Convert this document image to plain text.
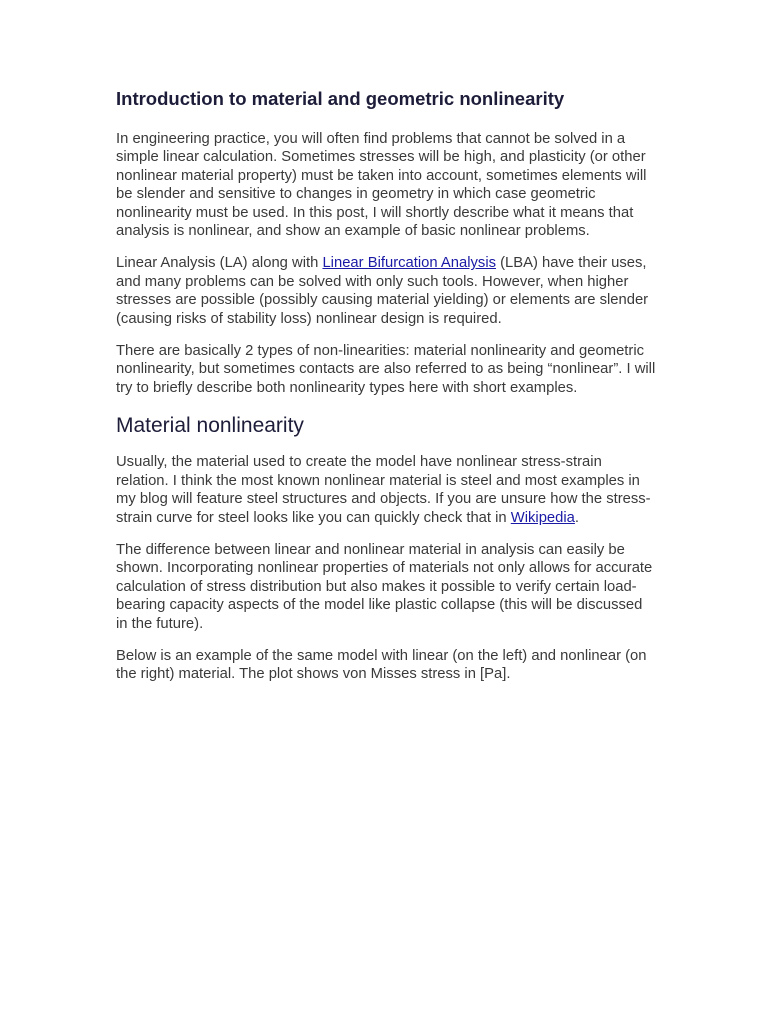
Introduction to material and geometric nonlinearity

In engineering practice, you will often find problems that cannot be solved in a simple linear calculation. Sometimes stresses will be high, and plasticity (or other nonlinear material property) must be taken into account, sometimes elements will be slender and sensitive to changes in geometry in which case geometric nonlinearity must be used. In this post, I will shortly describe what it means that analysis is nonlinear, and show an example of basic nonlinear problems.

Linear Analysis (LA) along with Linear Bifurcation Analysis (LBA) have their uses, and many problems can be solved with only such tools. However, when higher stresses are possible (possibly causing material yielding) or elements are slender (causing risks of stability loss) nonlinear design is required.

There are basically 2 types of non-linearities: material nonlinearity and geometric nonlinearity, but sometimes contacts are also referred to as being “nonlinear”. I will try to briefly describe both nonlinearity types here with short examples.

Material nonlinearity

Usually, the material used to create the model have nonlinear stress-strain relation. I think the most known nonlinear material is steel and most examples in my blog will feature steel structures and objects. If you are unsure how the stress-strain curve for steel looks like you can quickly check that in Wikipedia.

The difference between linear and nonlinear material in analysis can easily be shown. Incorporating nonlinear properties of materials not only allows for accurate calculation of stress distribution but also makes it possible to verify certain load-bearing capacity aspects of the model like plastic collapse (this will be discussed in the future).

Below is an example of the same model with linear (on the left) and nonlinear (on the right) material. The plot shows von Misses stress in [Pa].
